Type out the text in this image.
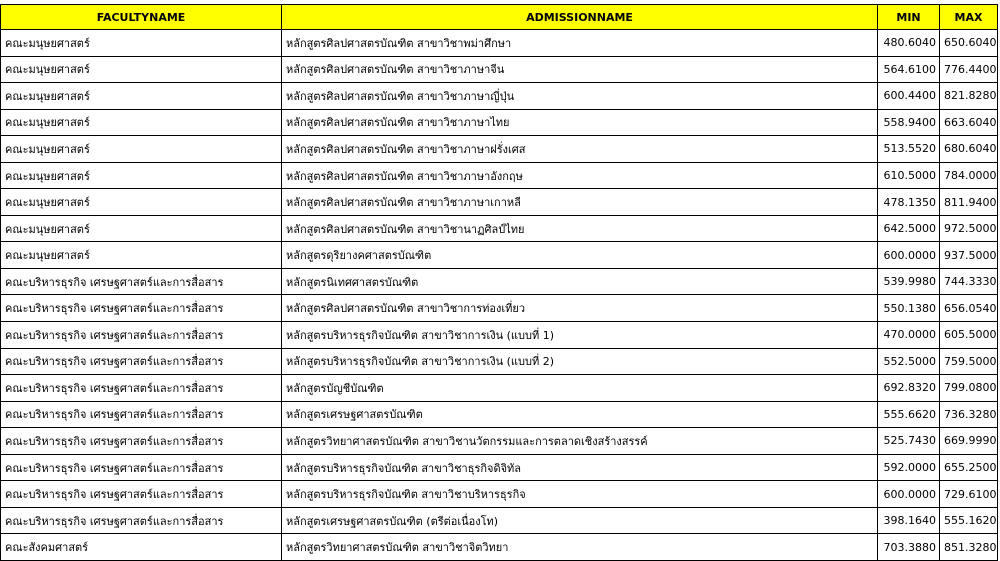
FACULTYNAME	ADMISSIONNAME	MIN	MAX
คณะมนุษยศาสตร์	หลักสูตรศิลปศาสตรบัณฑิต สาขาวิชาพม่าศึกษา	480.6040	650.6040
คณะมนุษยศาสตร์	หลักสูตรศิลปศาสตรบัณฑิต สาขาวิชาภาษาจีน	564.6100	776.4400
คณะมนุษยศาสตร์	หลักสูตรศิลปศาสตรบัณฑิต สาขาวิชาภาษาญี่ปุ่น	600.4400	821.8280
คณะมนุษยศาสตร์	หลักสูตรศิลปศาสตรบัณฑิต สาขาวิชาภาษาไทย	558.9400	663.6040
คณะมนุษยศาสตร์	หลักสูตรศิลปศาสตรบัณฑิต สาขาวิชาภาษาฝรั่งเศส	513.5520	680.6040
คณะมนุษยศาสตร์	หลักสูตรศิลปศาสตรบัณฑิต สาขาวิชาภาษาอังกฤษ	610.5000	784.0000
คณะมนุษยศาสตร์	หลักสูตรศิลปศาสตรบัณฑิต สาขาวิชาภาษาเกาหลี	478.1350	811.9400
คณะมนุษยศาสตร์	หลักสูตรศิลปศาสตรบัณฑิต สาขาวิชานาฏศิลป์ไทย	642.5000	972.5000
คณะมนุษยศาสตร์	หลักสูตรดุริยางคศาสตรบัณฑิต	600.0000	937.5000
คณะบริหารธุรกิจ เศรษฐศาสตร์และการสื่อสาร	หลักสูตรนิเทศศาสตรบัณฑิต	539.9980	744.3330
คณะบริหารธุรกิจ เศรษฐศาสตร์และการสื่อสาร	หลักสูตรศิลปศาสตรบัณฑิต สาขาวิชาการท่องเที่ยว	550.1380	656.0540
คณะบริหารธุรกิจ เศรษฐศาสตร์และการสื่อสาร	หลักสูตรบริหารธุรกิจบัณฑิต สาขาวิชาการเงิน (แบบที่ 1)	470.0000	605.5000
คณะบริหารธุรกิจ เศรษฐศาสตร์และการสื่อสาร	หลักสูตรบริหารธุรกิจบัณฑิต สาขาวิชาการเงิน (แบบที่ 2)	552.5000	759.5000
คณะบริหารธุรกิจ เศรษฐศาสตร์และการสื่อสาร	หลักสูตรบัญชีบัณฑิต	692.8320	799.0800
คณะบริหารธุรกิจ เศรษฐศาสตร์และการสื่อสาร	หลักสูตรเศรษฐศาสตรบัณฑิต	555.6620	736.3280
คณะบริหารธุรกิจ เศรษฐศาสตร์และการสื่อสาร	หลักสูตรวิทยาศาสตรบัณฑิต สาขาวิชานวัตกรรมและการตลาดเชิงสร้างสรรค์	525.7430	669.9990
คณะบริหารธุรกิจ เศรษฐศาสตร์และการสื่อสาร	หลักสูตรบริหารธุรกิจบัณฑิต สาขาวิชาธุรกิจดิจิทัล	592.0000	655.2500
คณะบริหารธุรกิจ เศรษฐศาสตร์และการสื่อสาร	หลักสูตรบริหารธุรกิจบัณฑิต สาขาวิชาบริหารธุรกิจ	600.0000	729.6100
คณะบริหารธุรกิจ เศรษฐศาสตร์และการสื่อสาร	หลักสูตรเศรษฐศาสตรบัณฑิต (ตรีต่อเนื่องโท)	398.1640	555.1620
คณะสังคมศาสตร์	หลักสูตรวิทยาศาสตรบัณฑิต สาขาวิชาจิตวิทยา	703.3880	851.3280
